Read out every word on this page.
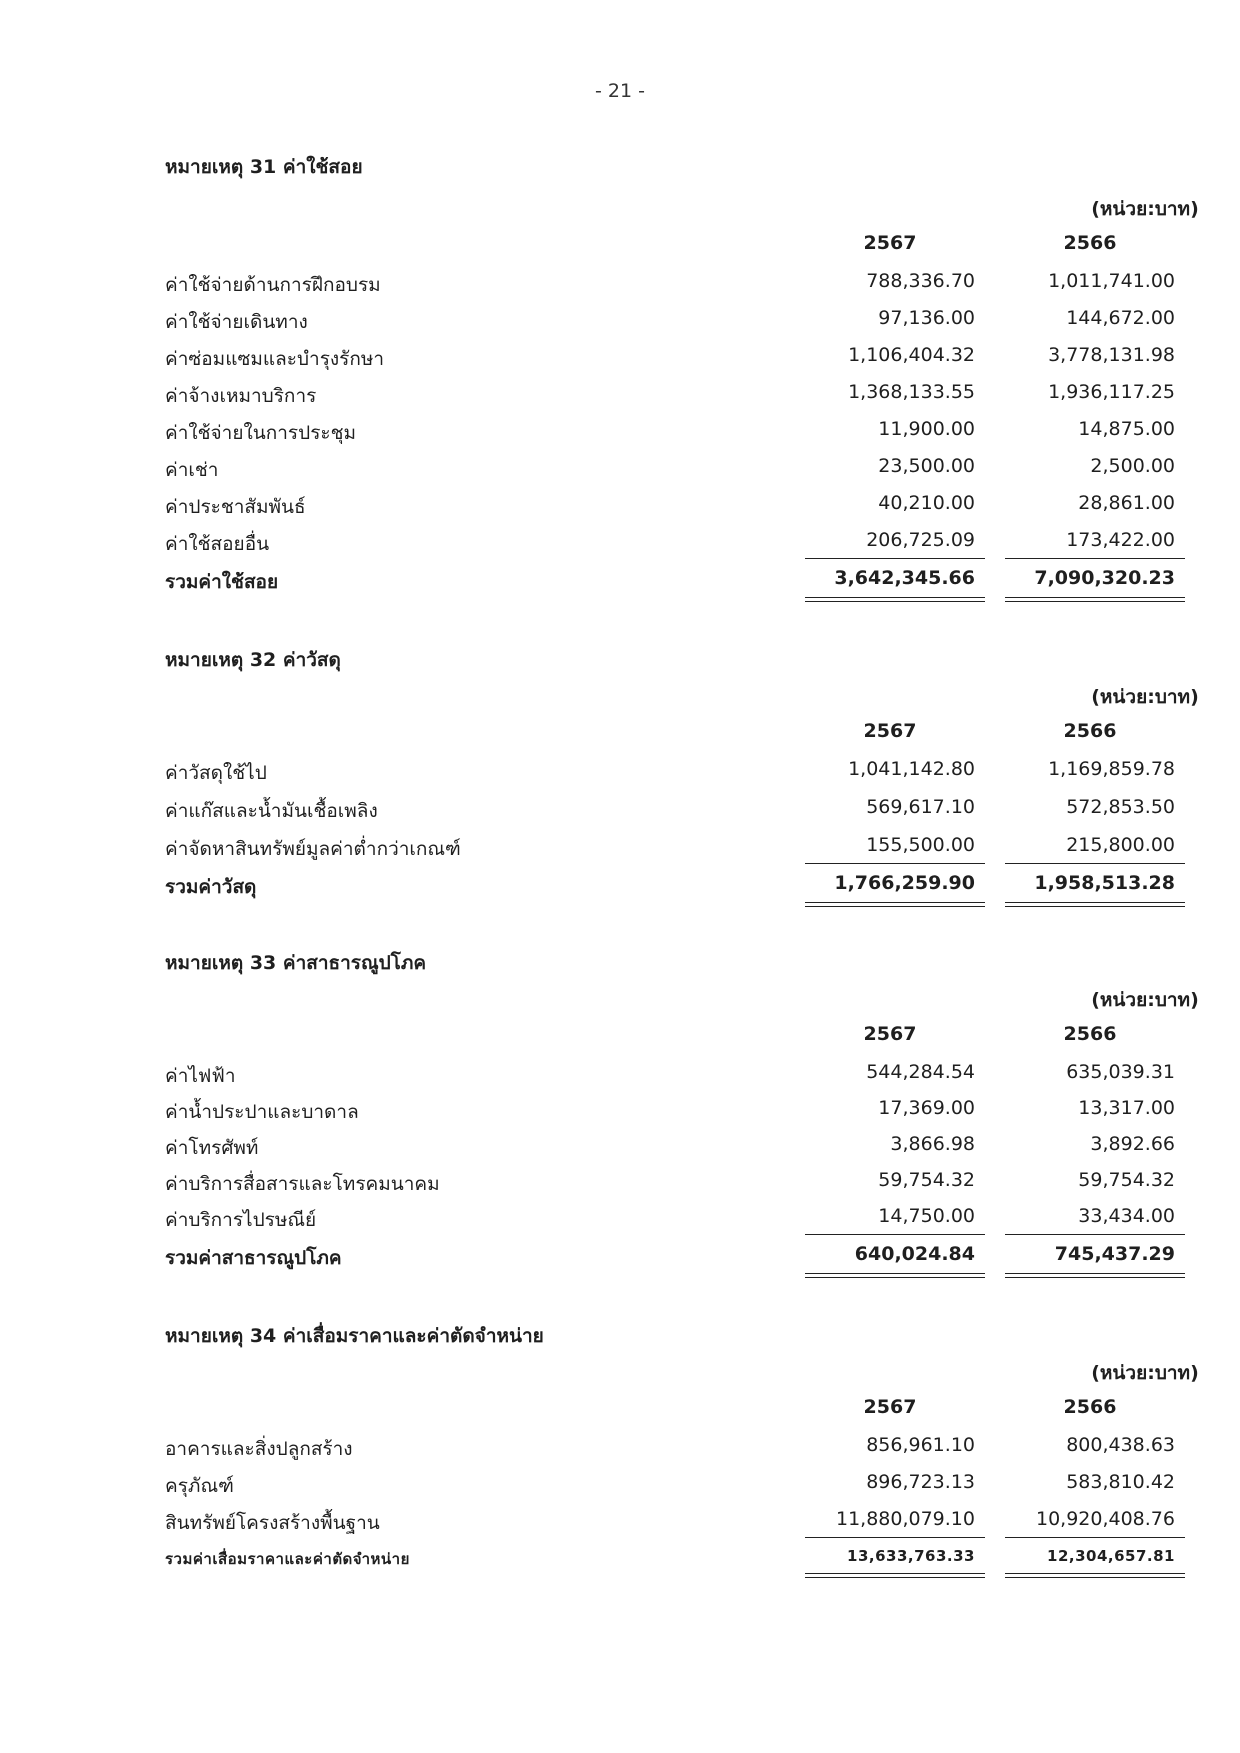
- 21 -
หมายเหตุ 31 ค่าใช้สอย
(หน่วย:บาท)
2567	2566
ค่าใช้จ่ายด้านการฝึกอบรม	788,336.70	1,011,741.00
ค่าใช้จ่ายเดินทาง	97,136.00	144,672.00
ค่าซ่อมแซมและบำรุงรักษา	1,106,404.32	3,778,131.98
ค่าจ้างเหมาบริการ	1,368,133.55	1,936,117.25
ค่าใช้จ่ายในการประชุม	11,900.00	14,875.00
ค่าเช่า	23,500.00	2,500.00
ค่าประชาสัมพันธ์	40,210.00	28,861.00
ค่าใช้สอยอื่น	206,725.09	173,422.00
รวมค่าใช้สอย	3,642,345.66	7,090,320.23
หมายเหตุ 32 ค่าวัสดุ
(หน่วย:บาท)
2567	2566
ค่าวัสดุใช้ไป	1,041,142.80	1,169,859.78
ค่าแก๊สและน้ำมันเชื้อเพลิง	569,617.10	572,853.50
ค่าจัดหาสินทรัพย์มูลค่าต่ำกว่าเกณฑ์	155,500.00	215,800.00
รวมค่าวัสดุ	1,766,259.90	1,958,513.28
หมายเหตุ 33 ค่าสาธารณูปโภค
(หน่วย:บาท)
2567	2566
ค่าไฟฟ้า	544,284.54	635,039.31
ค่าน้ำประปาและบาดาล	17,369.00	13,317.00
ค่าโทรศัพท์	3,866.98	3,892.66
ค่าบริการสื่อสารและโทรคมนาคม	59,754.32	59,754.32
ค่าบริการไปรษณีย์	14,750.00	33,434.00
รวมค่าสาธารณูปโภค	640,024.84	745,437.29
หมายเหตุ 34 ค่าเสื่อมราคาและค่าตัดจำหน่าย
(หน่วย:บาท)
2567	2566
อาคารและสิ่งปลูกสร้าง	856,961.10	800,438.63
ครุภัณฑ์	896,723.13	583,810.42
สินทรัพย์โครงสร้างพื้นฐาน	11,880,079.10	10,920,408.76
รวมค่าเสื่อมราคาและค่าตัดจำหน่าย	13,633,763.33	12,304,657.81
